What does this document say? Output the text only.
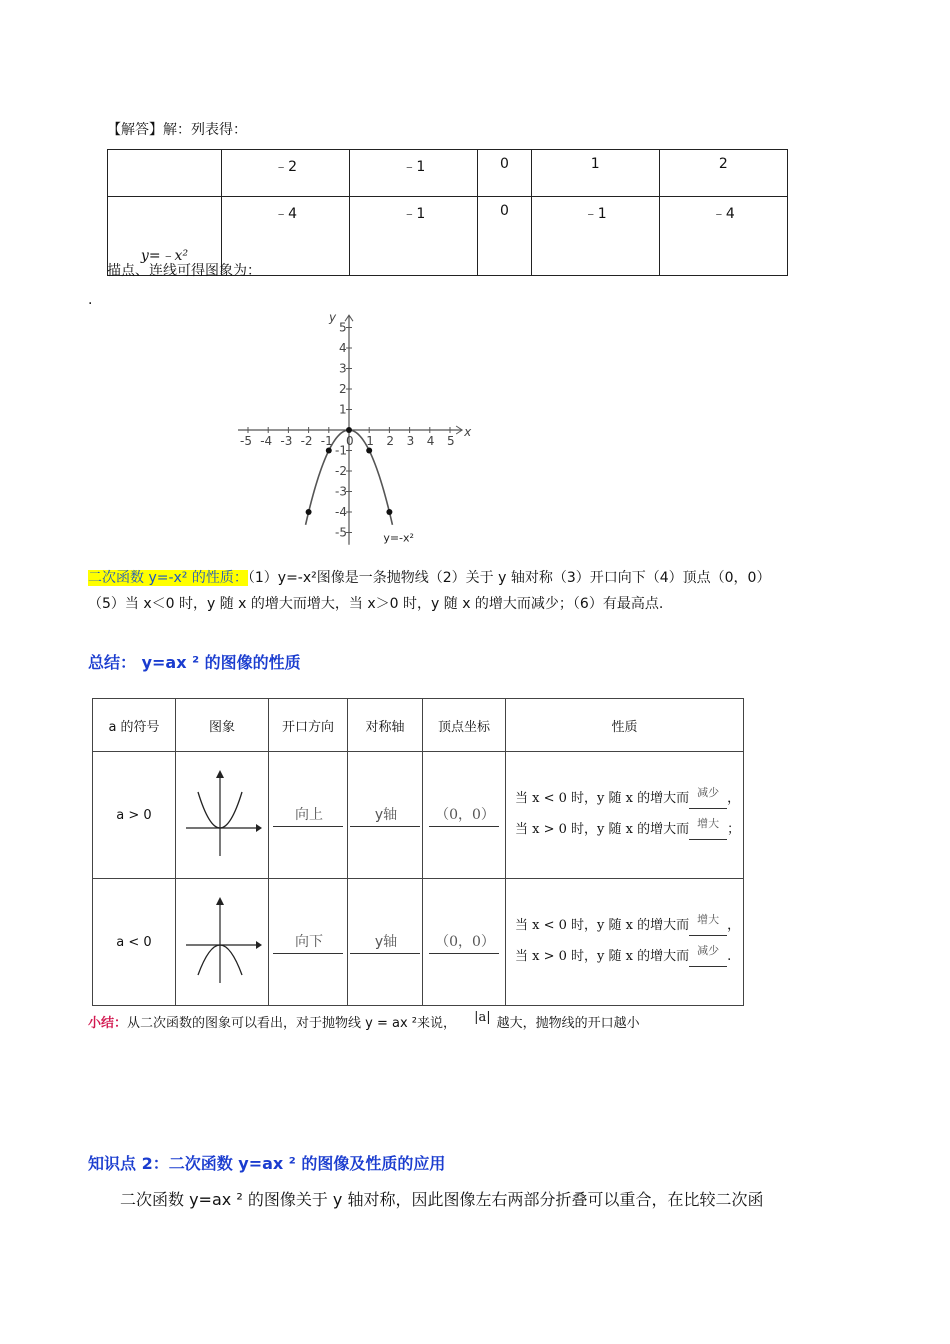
【解答】解：列表得：
	﹣2	﹣1	0	1	2
y=﹣x²	﹣4	﹣1	0	﹣1	﹣4
描点、连线可得图象为：
.
x
y
-5 -4 -3 -2 -1 0 1 2 3 4 5
5
4
3
2
1
-1
-2
-3
-4
-5	y=-x²
二次函数 y=-x² 的性质：（1）y=-x²图像是一条抛物线（2）关于 y 轴对称（3）开口向下（4）顶点（0，0）（5）当 x＜0 时，y 随 x 的增大而增大，当 x＞0 时，y 随 x 的增大而减少；（6）有最高点.
总结： y=ax ² 的图像的性质
a 的符号	图象	开口方向	对称轴	顶点坐标	性质
a > 0		向上	y轴	（0，0）	当 x < 0 时，y 随 x 的增大而 减少 ，
当 x > 0 时，y 随 x 的增大而 增大 ；

a < 0		向下	y轴	（0，0）	当 x < 0 时，y 随 x 的增大而 增大 ，
当 x > 0 时，y 随 x 的增大而 减少 .
小结：从二次函数的图象可以看出，对于抛物线 y = ax ²来说， |a| 越大，抛物线的开口越小
知识点 2：二次函数 y=ax ² 的图像及性质的应用
二次函数 y=ax ² 的图像关于 y 轴对称，因此图像左右两部分折叠可以重合，在比较二次函
